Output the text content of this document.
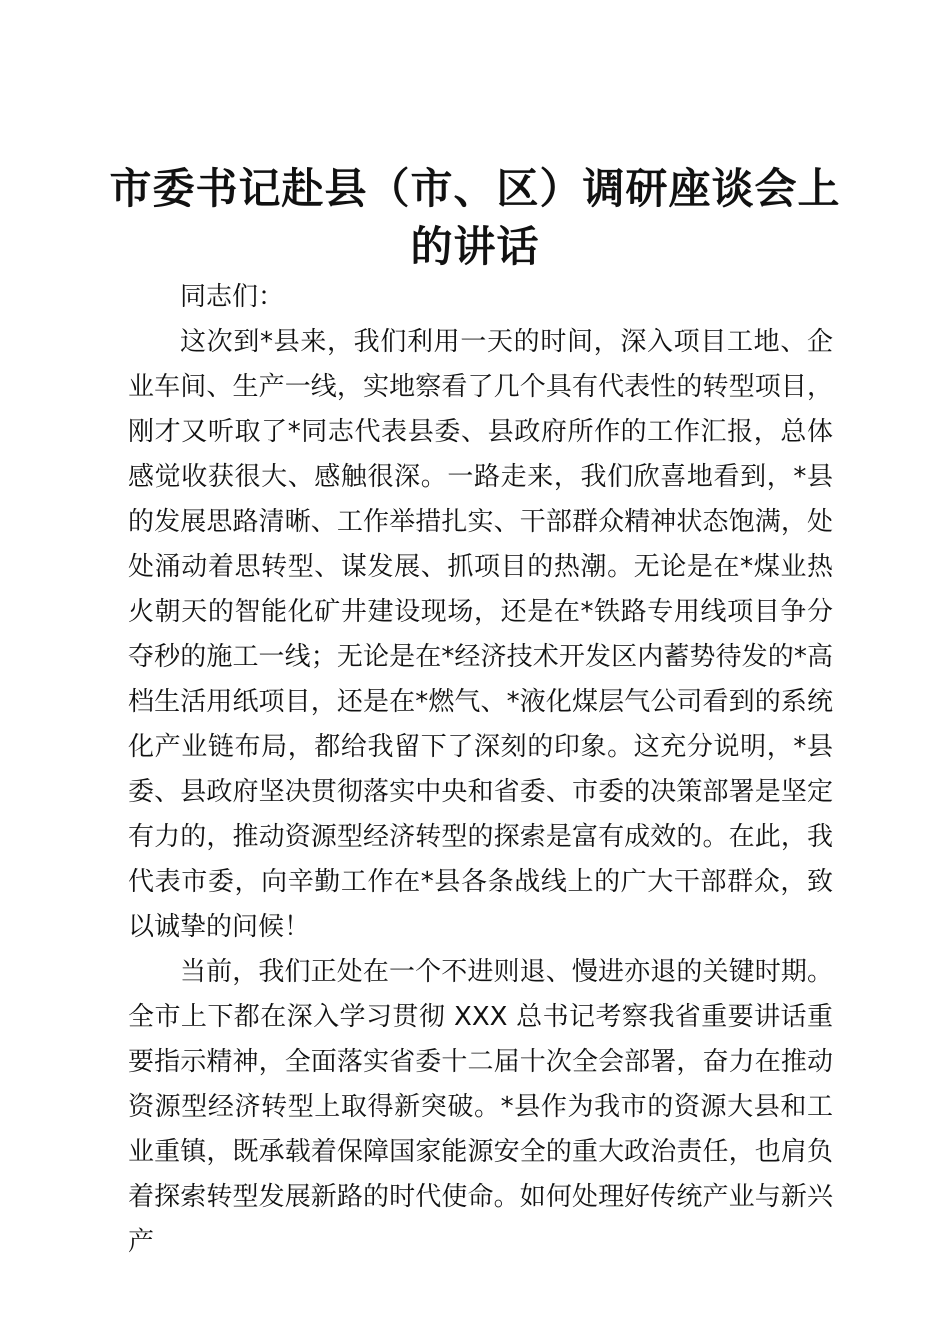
市委书记赴县（市、区）调研座谈会上的讲话

同志们：

这次到*县来，我们利用一天的时间，深入项目工地、企业车间、生产一线，实地察看了几个具有代表性的转型项目，刚才又听取了*同志代表县委、县政府所作的工作汇报，总体感觉收获很大、感触很深。一路走来，我们欣喜地看到，*县的发展思路清晰、工作举措扎实、干部群众精神状态饱满，处处涌动着思转型、谋发展、抓项目的热潮。无论是在*煤业热火朝天的智能化矿井建设现场，还是在*铁路专用线项目争分夺秒的施工一线；无论是在*经济技术开发区内蓄势待发的*高档生活用纸项目，还是在*燃气、*液化煤层气公司看到的系统化产业链布局，都给我留下了深刻的印象。这充分说明，*县委、县政府坚决贯彻落实中央和省委、市委的决策部署是坚定有力的，推动资源型经济转型的探索是富有成效的。在此，我代表市委，向辛勤工作在*县各条战线上的广大干部群众，致以诚挚的问候！

当前，我们正处在一个不进则退、慢进亦退的关键时期。全市上下都在深入学习贯彻 XXX 总书记考察我省重要讲话重要指示精神，全面落实省委十二届十次全会部署，奋力在推动资源型经济转型上取得新突破。*县作为我市的资源大县和工业重镇，既承载着保障国家能源安全的重大政治责任，也肩负着探索转型发展新路的时代使命。如何处理好传统产业与新兴产
